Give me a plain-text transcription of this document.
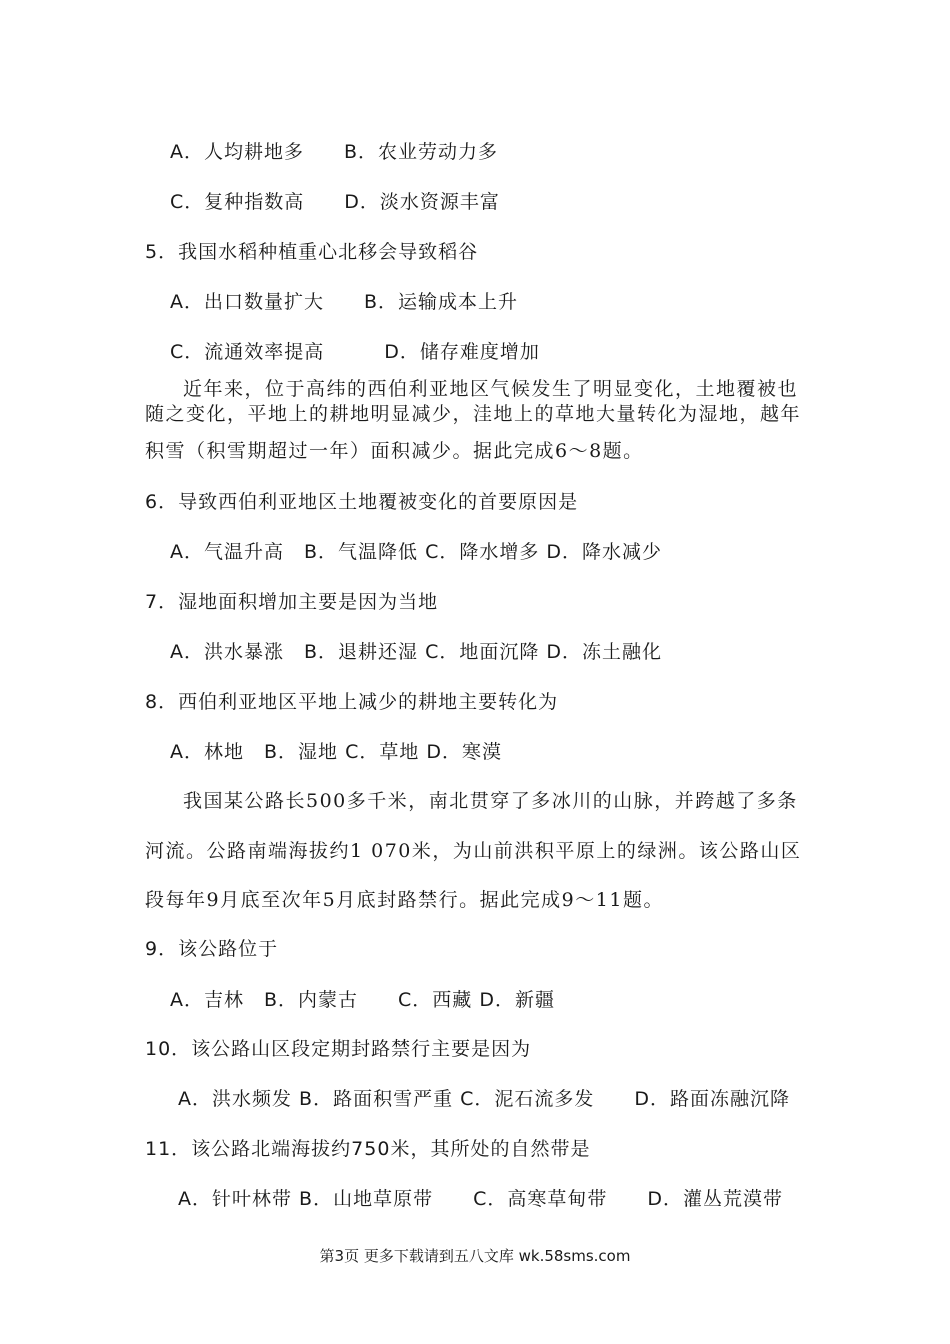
A．人均耕地多　　B．农业劳动力多
C．复种指数高　　D．淡水资源丰富
5．我国水稻种植重心北移会导致稻谷
A．出口数量扩大　　B．运输成本上升
C．流通效率提高　　　D．储存难度增加
近年来，位于高纬的西伯利亚地区气候发生了明显变化，土地覆被也
随之变化，平地上的耕地明显减少，洼地上的草地大量转化为湿地，越年
积雪（积雪期超过一年）面积减少。据此完成6～8题。
6．导致西伯利亚地区土地覆被变化的首要原因是
A．气温升高　B．气温降低 C．降水增多 D．降水减少
7．湿地面积增加主要是因为当地
A．洪水暴涨　B．退耕还湿 C．地面沉降 D．冻土融化
8．西伯利亚地区平地上减少的耕地主要转化为
A．林地　B．湿地 C．草地 D．寒漠
我国某公路长500多千米，南北贯穿了多冰川的山脉，并跨越了多条
河流。公路南端海拔约1 070米，为山前洪积平原上的绿洲。该公路山区
段每年9月底至次年5月底封路禁行。据此完成9～11题。
9．该公路位于
A．吉林　B．内蒙古　　C．西藏 D．新疆
10．该公路山区段定期封路禁行主要是因为
A．洪水频发 B．路面积雪严重 C．泥石流多发　　D．路面冻融沉降
11．该公路北端海拔约750米，其所处的自然带是
A．针叶林带 B．山地草原带　　C．高寒草甸带　　D．灌丛荒漠带
第3页 更多下载请到五八文库 wk.58sms.com
